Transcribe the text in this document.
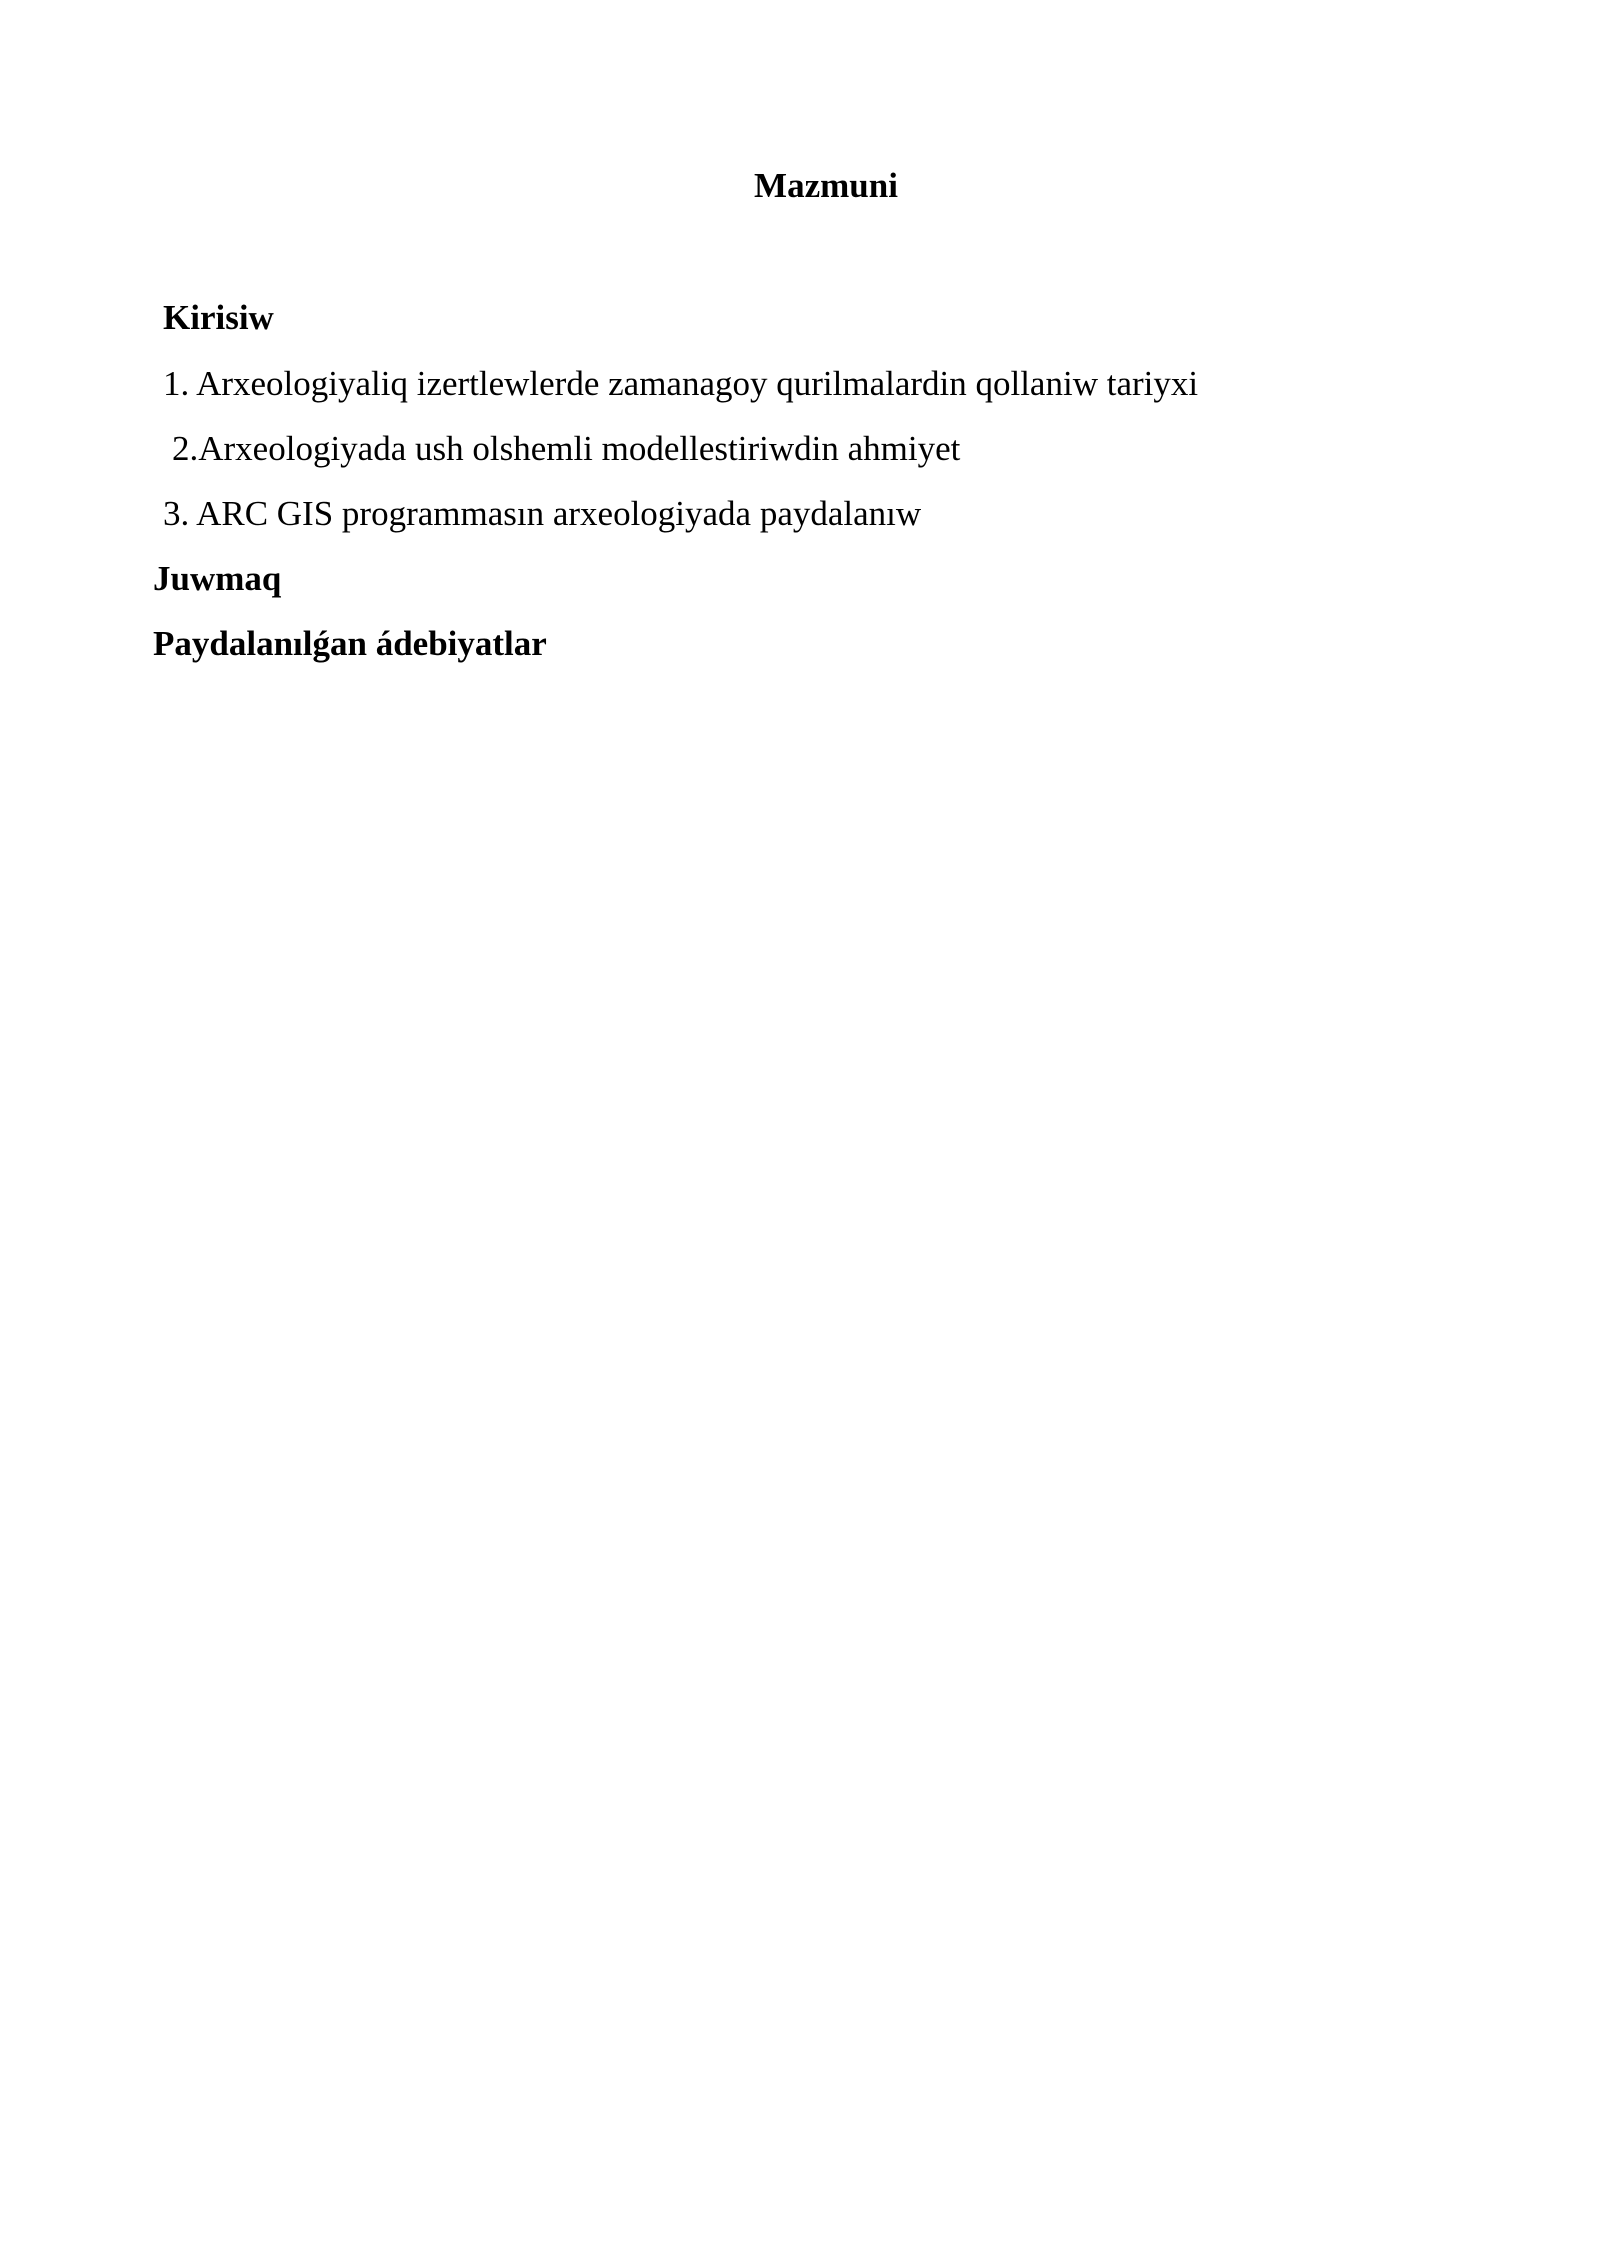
Mazmuni
Kirisiw
1. Arxeologiyaliq izertlewlerde zamanagoy qurilmalardin qollaniw tariyxi
2.Arxeologiyada ush olshemli modellestiriwdin ahmiyet
3. ARC GIS programmasın arxeologiyada paydalanıw
Juwmaq
Paydalanılǵan ádebiyatlar
